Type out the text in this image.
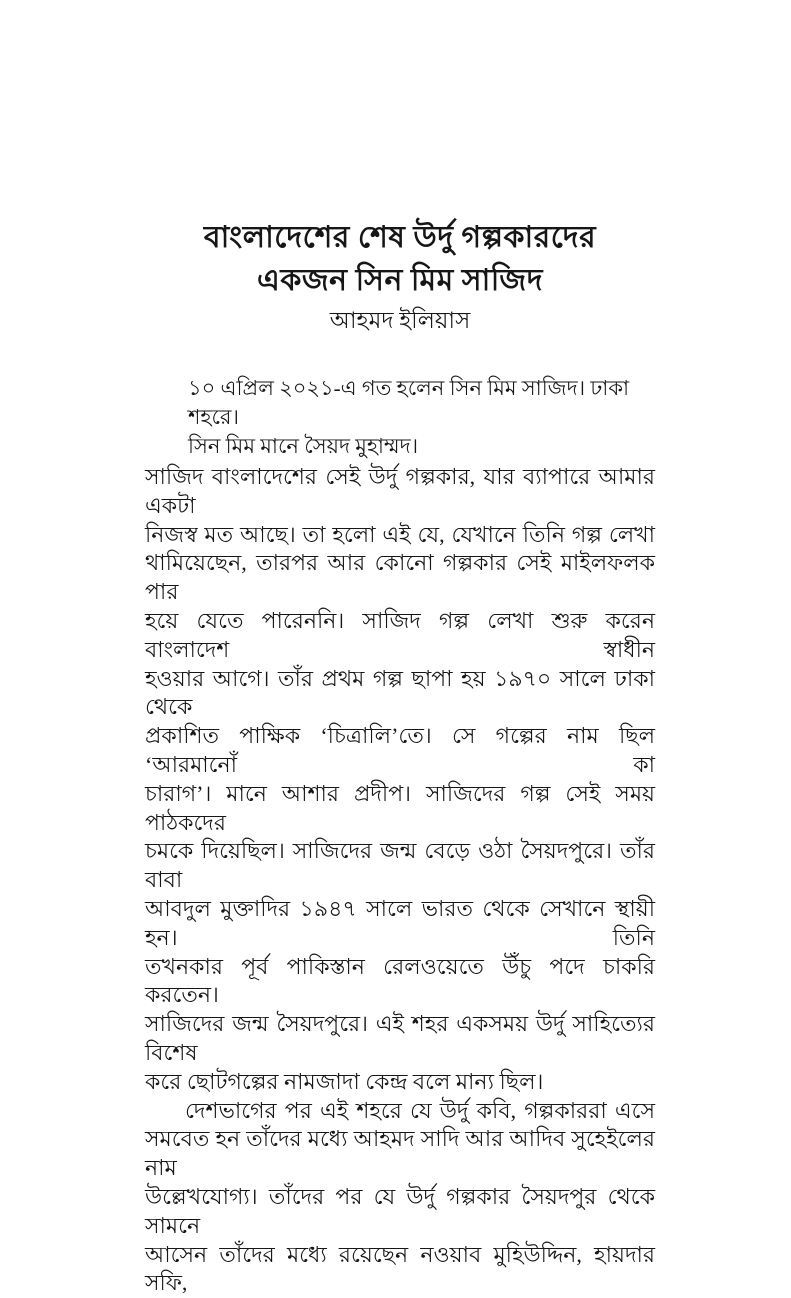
বাংলাদেশের শেষ উর্দু গল্পকারদের
একজন সিন মিম সাজিদ
আহমদ ইলিয়াস
১০ এপ্রিল ২০২১-এ গত হলেন সিন মিম সাজিদ। ঢাকা শহরে।
সিন মিম মানে সৈয়দ মুহাম্মদ।
সাজিদ বাংলাদেশের সেই উর্দু গল্পকার, যার ব্যাপারে আমার একটা
নিজস্ব মত আছে। তা হলো এই যে, যেখানে তিনি গল্প লেখা
থামিয়েছেন, তারপর আর কোনো গল্পকার সেই মাইলফলক পার
হয়ে যেতে পারেননি। সাজিদ গল্প লেখা শুরু করেন বাংলাদেশ স্বাধীন
হওয়ার আগে। তাঁর প্রথম গল্প ছাপা হয় ১৯৭০ সালে ঢাকা থেকে
প্রকাশিত পাক্ষিক ‘চিত্রালি’তে। সে গল্পের নাম ছিল ‘আরমানোঁ কা
চারাগ’। মানে আশার প্রদীপ। সাজিদের গল্প সেই সময় পাঠকদের
চমকে দিয়েছিল। সাজিদের জন্ম বেড়ে ওঠা সৈয়দপুরে। তাঁর বাবা
আবদুল মুক্তাদির ১৯৪৭ সালে ভারত থেকে সেখানে স্থায়ী হন। তিনি
তখনকার পূর্ব পাকিস্তান রেলওয়েতে উঁচু পদে চাকরি করতেন।
সাজিদের জন্ম সৈয়দপুরে। এই শহর একসময় উর্দু সাহিত্যের বিশেষ
করে ছোটগল্পের নামজাদা কেন্দ্র বলে মান্য ছিল।
দেশভাগের পর এই শহরে যে উর্দু কবি, গল্পকাররা এসে
সমবেত হন তাঁদের মধ্যে আহমদ সাদি আর আদিব সুহেইলের নাম
উল্লেখযোগ্য। তাঁদের পর যে উর্দু গল্পকার সৈয়দপুর থেকে সামনে
আসেন তাঁদের মধ্যে রয়েছেন নওয়াব মুহিউদ্দিন, হায়দার সফি,
